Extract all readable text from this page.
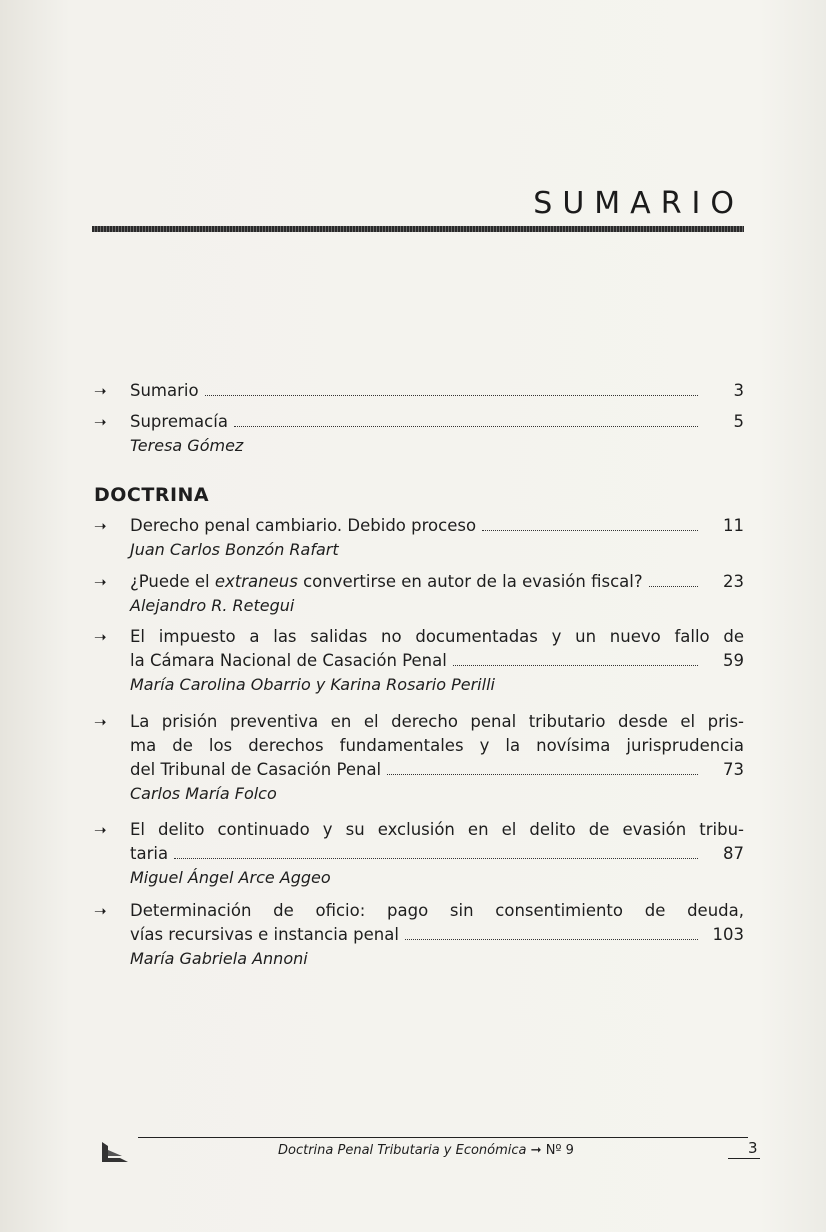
SUMARIO
➝	Sumario	3
➝	Supremacía	5
Teresa Gómez
DOCTRINA
➝	Derecho penal cambiario. Debido proceso	11
Juan Carlos Bonzón Rafart
➝	¿Puede el extraneus convertirse en autor de la evasión fiscal?	23
Alejandro R. Retegui
➝	El impuesto a las salidas no documentadas y un nuevo fallo de
la Cámara Nacional de Casación Penal	59
María Carolina Obarrio y Karina Rosario Perilli
➝	La prisión preventiva en el derecho penal tributario desde el pris-
ma de los derechos fundamentales y la novísima jurisprudencia
del Tribunal de Casación Penal	73
Carlos María Folco
➝	El delito continuado y su exclusión en el delito de evasión tribu-
taria	87
Miguel Ángel Arce Aggeo
➝	Determinación de oficio: pago sin consentimiento de deuda,
vías recursivas e instancia penal	103
María Gabriela Annoni
Doctrina Penal Tributaria y Económica ➞ Nº 9	3
